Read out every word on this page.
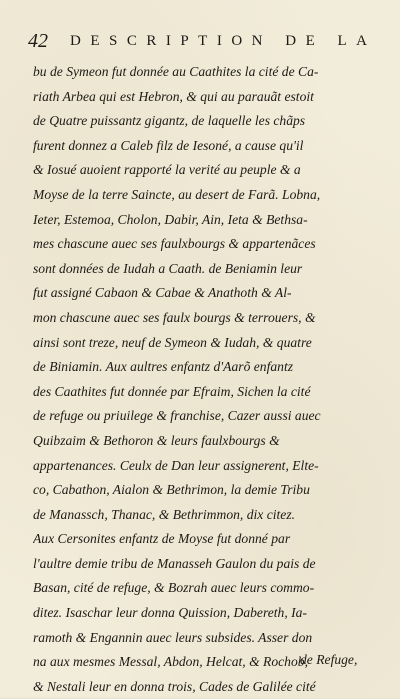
42 DESCRIPTION DE LA
bu de Symeon fut donnée au Caathites la cité de Ca-
riath Arbea qui est Hebron, & qui au parauãt estoit
de Quatre puissantz gigantz, de laquelle les chãps
furent donnez a Caleb filz de Iesoné, a cause qu'il
& Iosué auoient rapporté la verité au peuple & a
Moyse de la terre Saincte, au desert de Farã. Lobna,
Ieter, Estemoa, Cholon, Dabir, Ain, Ieta & Bethsa-
mes chascune auec ses faulxbourgs & appartenãces
sont données de Iudah a Caath. de Beniamin leur
fut assigné Cabaon & Cabae & Anathoth & Al-
mon chascune auec ses faulx bourgs & terrouers, &
ainsi sont treze, neuf de Symeon & Iudah, & quatre
de Biniamin. Aux aultres enfantz d'Aarõ enfantz
des Caathites fut donnée par Efraim, Sichen la cité
de refuge ou priuilege & franchise, Cazer aussi auec
Quibzaim & Bethoron & leurs faulxbourgs &
appartenances. Ceulx de Dan leur assignerent, Elte-
co, Cabathon, Aialon & Bethrimon, la demie Tribu
de Manassch, Thanac, & Bethrimmon, dix citez.
Aux Cersonites enfantz de Moyse fut donné par
l'aultre demie tribu de Manasseh Gaulon du pais de
Basan, cité de refuge, & Bozrah auec leurs commo-
ditez. Isaschar leur donna Quission, Dabereth, Ia-
ramoth & Engannin auec leurs subsides. Asser don
na aux mesmes Messal, Abdon, Helcat, & Rochob,
& Nestali leur en donna trois, Cades de Galilée cité
de Refuge,
